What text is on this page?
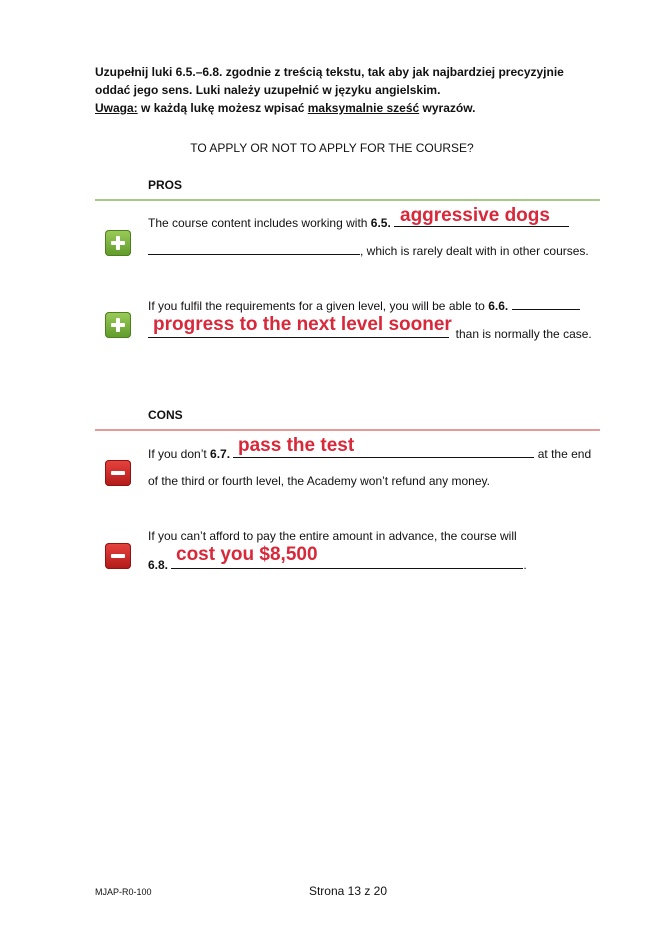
Uzupełnij luki 6.5.–6.8. zgodnie z treścią tekstu, tak aby jak najbardziej precyzyjnie
oddać jego sens. Luki należy uzupełnić w języku angielskim.
Uwaga: w każdą lukę możesz wpisać maksymalnie sześć wyrazów.
TO APPLY OR NOT TO APPLY FOR THE COURSE?
PROS
The course content includes working with 6.5. aggressive dogs
, which is rarely dealt with in other courses.
If you fulfil the requirements for a given level, you will be able to 6.6.
than is normally the case.
progress to the next level sooner
CONS
If you don’t 6.7.	at the end
pass the test
of the third or fourth level, the Academy won’t refund any money.
If you can’t afford to pay the entire amount in advance, the course will
6.8.	.
cost you $8,500
MJAP-R0-100	Strona 13 z 20
